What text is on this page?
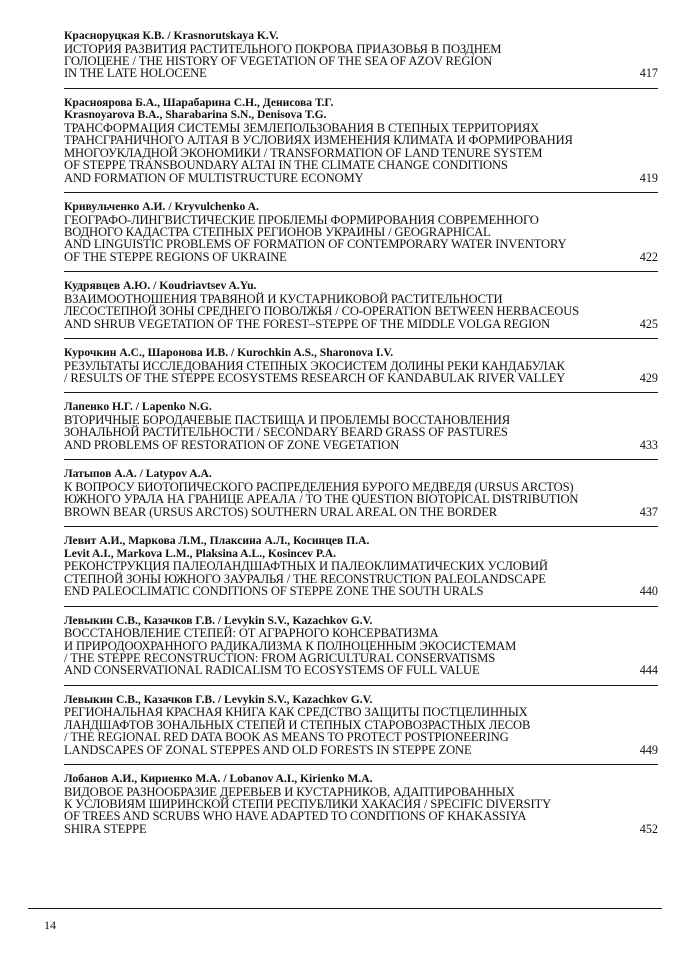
Красноруцкая К.В. / Krasnorutskaya K.V.
ИСТОРИЯ РАЗВИТИЯ РАСТИТЕЛЬНОГО ПОКРОВА ПРИАЗОВЬЯ В ПОЗДНЕМ
ГОЛОЦЕНЕ / THE HISTORY OF VEGETATION OF THE SEA OF AZOV REGION
IN THE LATE HOLOCENE	417
Красноярова Б.А., Шарабарина С.Н., Денисова Т.Г.
Krasnoyarova B.A., Sharabarina S.N., Denisova T.G.
ТРАНСФОРМАЦИЯ СИСТЕМЫ ЗЕМЛЕПОЛЬЗОВАНИЯ В СТЕПНЫХ ТЕРРИТОРИЯХ
ТРАНСГРАНИЧНОГО АЛТАЯ В УСЛОВИЯХ ИЗМЕНЕНИЯ КЛИМАТА И ФОРМИРОВАНИЯ
МНОГОУКЛАДНОЙ ЭКОНОМИКИ / TRANSFORMATION OF LAND TENURE SYSTEM
OF STEPPE TRANSBOUNDARY ALTAI IN THE CLIMATE CHANGE CONDITIONS
AND FORMATION OF MULTISTRUCTURE ECONOMY	419
Кривульченко А.И. / Kryvulchenko A.
ГЕОГРАФО-ЛИНГВИСТИЧЕСКИЕ ПРОБЛЕМЫ ФОРМИРОВАНИЯ СОВРЕМЕННОГО
ВОДНОГО КАДАСТРА СТЕПНЫХ РЕГИОНОВ УКРАИНЫ / GEOGRAPHICAL
AND LINGUISTIC PROBLEMS OF FORMATION OF CONTEMPORARY WATER INVENTORY
OF THE STEPPE REGIONS OF UKRAINE	422
Кудрявцев А.Ю. / Koudriavtsev A.Yu.
ВЗАИМООТНОШЕНИЯ ТРАВЯНОЙ И КУСТАРНИКОВОЙ РАСТИТЕЛЬНОСТИ
ЛЕСОСТЕПНОЙ ЗОНЫ СРЕДНЕГО ПОВОЛЖЬЯ / CO-OPERATION BETWEEN HERBACEOUS
AND SHRUB VEGETATION OF THE FOREST–STEPPE OF THE MIDDLE VOLGA REGION	425
Курочкин А.С., Шаронова И.В. / Kurochkin A.S., Sharonova I.V.
РЕЗУЛЬТАТЫ ИССЛЕДОВАНИЯ СТЕПНЫХ ЭКОСИСТЕМ ДОЛИНЫ РЕКИ КАНДАБУЛАК
/ RESULTS OF THE STEPPE ECOSYSTEMS RESEARCH OF KANDABULAK RIVER VALLEY	429
Лапенко Н.Г. / Lapenko N.G.
ВТОРИЧНЫЕ БОРОДАЧЕВЫЕ ПАСТБИЩА И ПРОБЛЕМЫ ВОССТАНОВЛЕНИЯ
ЗОНАЛЬНОЙ РАСТИТЕЛЬНОСТИ / SECONDARY BEARD GRASS OF PASTURES
AND PROBLEMS OF RESTORATION OF ZONE VEGETATION	433
Латыпов А.А. / Latypov A.A.
К ВОПРОСУ БИОТОПИЧЕСКОГО РАСПРЕДЕЛЕНИЯ БУРОГО МЕДВЕДЯ (URSUS ARCTOS)
ЮЖНОГО УРАЛА НА ГРАНИЦЕ АРЕАЛА / TO THE QUESTION BIOTOPICAL DISTRIBUTION
BROWN BEAR (URSUS ARCTOS) SOUTHERN URAL AREAL ON THE BORDER	437
Левит А.И., Маркова Л.М., Плаксина А.Л., Косинцев П.А.
Levit A.I., Markova L.M., Plaksina A.L., Kosincev P.A.
РЕКОНСТРУКЦИЯ ПАЛЕОЛАНДШАФТНЫХ И ПАЛЕОКЛИМАТИЧЕСКИХ УСЛОВИЙ
СТЕПНОЙ ЗОНЫ ЮЖНОГО ЗАУРАЛЬЯ / THE RECONSTRUCTION PALEOLANDSCAPE
END PALEOCLIMATIC CONDITIONS OF STEPPE ZONE THE SOUTH URALS	440
Левыкин С.В., Казачков Г.В. / Levykin S.V., Kazachkov G.V.
ВОССТАНОВЛЕНИЕ СТЕПЕЙ: ОТ АГРАРНОГО КОНСЕРВАТИЗМА
И ПРИРОДООХРАННОГО РАДИКАЛИЗМА К ПОЛНОЦЕННЫМ ЭКОСИСТЕМАМ
/ THE STEPPE RECONSTRUCTION: FROM AGRICULTURAL CONSERVATISMS
AND CONSERVATIONAL RADICALISM TO ECOSYSTEMS OF FULL VALUE	444
Левыкин С.В., Казачков Г.В. / Levykin S.V., Kazachkov G.V.
РЕГИОНАЛЬНАЯ КРАСНАЯ КНИГА КАК СРЕДСТВО ЗАЩИТЫ ПОСТЦЕЛИННЫХ
ЛАНДШАФТОВ ЗОНАЛЬНЫХ СТЕПЕЙ И СТЕПНЫХ СТАРОВОЗРАСТНЫХ ЛЕСОВ
/ THE REGIONAL RED DATA BOOK AS MEANS TO PROTECT POSTPIONEERING
LANDSCAPES OF ZONAL STEPPES AND OLD FORESTS IN STEPPE ZONE	449
Лобанов А.И., Кириенко М.А. / Lobanov A.I., Kirienko M.A.
ВИДОВОЕ РАЗНООБРАЗИЕ ДЕРЕВЬЕВ И КУСТАРНИКОВ, АДАПТИРОВАННЫХ
К УСЛОВИЯМ ШИРИНСКОЙ СТЕПИ РЕСПУБЛИКИ ХАКАСИЯ / SPECIFIC DIVERSITY
OF TREES AND SCRUBS WHO HAVE ADAPTED TO CONDITIONS OF KHAKASSIYA
SHIRA STEPPE	452
14
